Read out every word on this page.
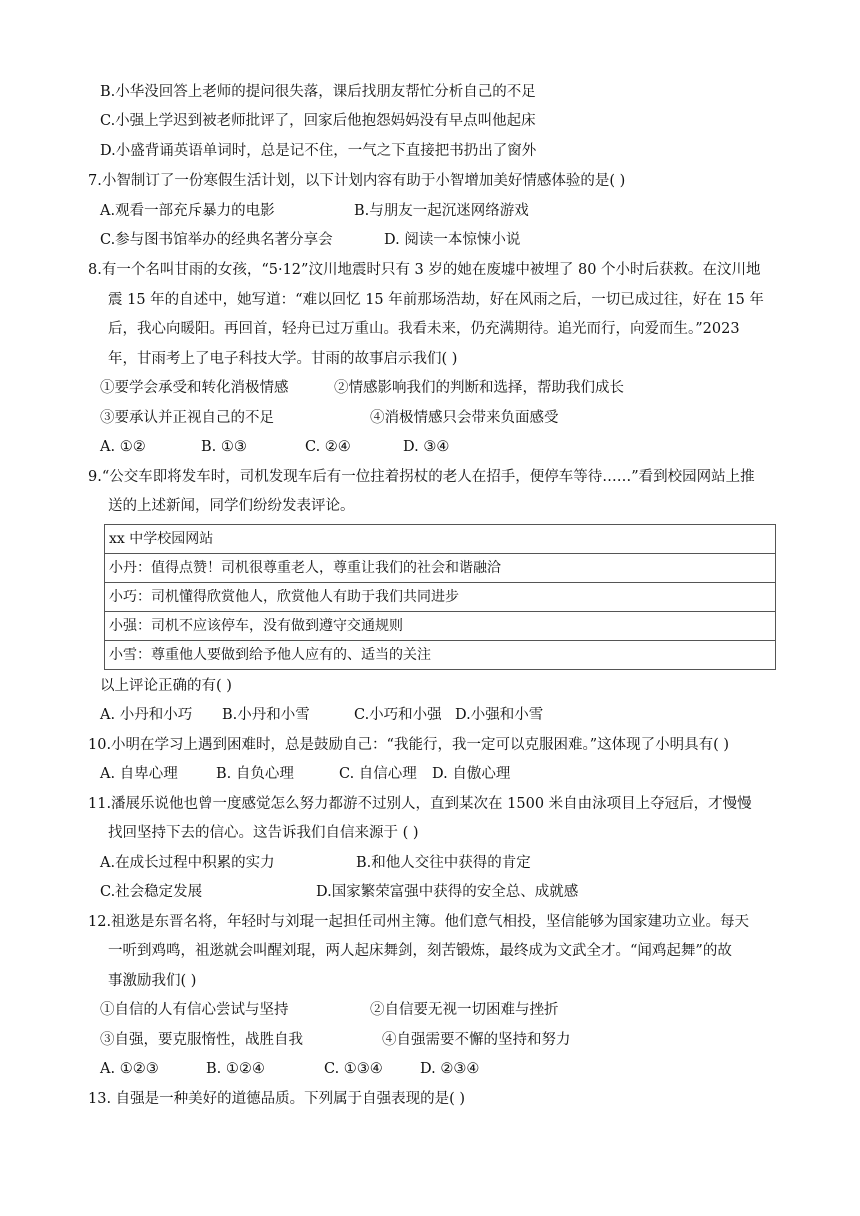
B.小华没回答上老师的提问很失落，课后找朋友帮忙分析自己的不足
C.小强上学迟到被老师批评了，回家后他抱怨妈妈没有早点叫他起床
D.小盛背诵英语单词时，总是记不住，一气之下直接把书扔出了窗外
7.小智制订了一份寒假生活计划，以下计划内容有助于小智增加美好情感体验的是( )
A.观看一部充斥暴力的电影	B.与朋友一起沉迷网络游戏
C.参与图书馆举办的经典名著分享会	D. 阅读一本惊悚小说
8.有一个名叫甘雨的女孩，“5·12”汶川地震时只有 3 岁的她在废墟中被埋了 80 个小时后获救。在汶川地
震 15 年的自述中，她写道：“难以回忆 15 年前那场浩劫，好在风雨之后，一切已成过往，好在 15 年
后，我心向暖阳。再回首，轻舟已过万重山。我看未来，仍充满期待。追光而行，向爱而生。”2023
年，甘雨考上了电子科技大学。甘雨的故事启示我们( )
①要学会承受和转化消极情感	②情感影响我们的判断和选择，帮助我们成长
③要承认并正视自己的不足	④消极情感只会带来负面感受
A. ①②	B. ①③	C. ②④	D. ③④
9.“公交车即将发车时，司机发现车后有一位拄着拐杖的老人在招手，便停车等待……”看到校园网站上推
送的上述新闻，同学们纷纷发表评论。
xx 中学校园网站
小丹：值得点赞！司机很尊重老人，尊重让我们的社会和谐融洽
小巧：司机懂得欣赏他人，欣赏他人有助于我们共同进步
小强：司机不应该停车，没有做到遵守交通规则
小雪：尊重他人要做到给予他人应有的、适当的关注
以上评论正确的有( )
A. 小丹和小巧 B.小丹和小雪	C.小巧和小强 D.小强和小雪
10.小明在学习上遇到困难时，总是鼓励自己：“我能行，我一定可以克服困难。”这体现了小明具有( )
A. 自卑心理	B. 自负心理	C. 自信心理 D. 自傲心理
11.潘展乐说他也曾一度感觉怎么努力都游不过别人，直到某次在 1500 米自由泳项目上夺冠后，才慢慢
找回坚持下去的信心。这告诉我们自信来源于 ( )
A.在成长过程中积累的实力	B.和他人交往中获得的肯定
C.社会稳定发展	D.国家繁荣富强中获得的安全总、成就感
12.祖逖是东晋名将，年轻时与刘琨一起担任司州主簿。他们意气相投，坚信能够为国家建功立业。每天
一听到鸡鸣，祖逖就会叫醒刘琨，两人起床舞剑，刻苦锻炼，最终成为文武全才。“闻鸡起舞”的故
事激励我们( )
①自信的人有信心尝试与坚持	②自信要无视一切困难与挫折
③自强，要克服惰性，战胜自我	④自强需要不懈的坚持和努力
A. ①②③	B. ①②④	C. ①③④	D. ②③④
13. 自强是一种美好的道德品质。下列属于自强表现的是( )
